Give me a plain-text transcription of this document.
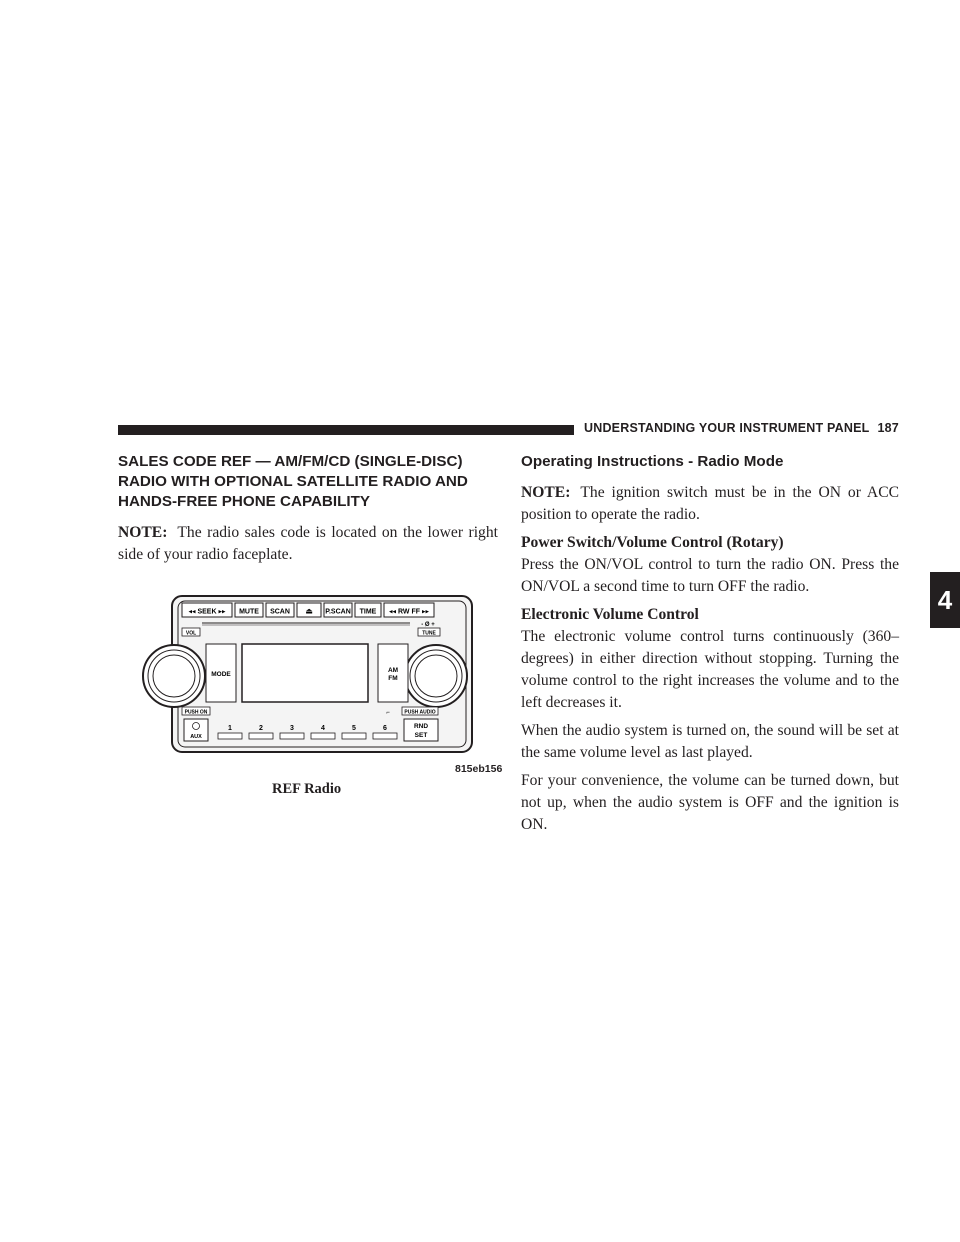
UNDERSTANDING YOUR INSTRUMENT PANEL 187
4
SALES CODE REF — AM/FM/CD (SINGLE-DISC) RADIO WITH OPTIONAL SATELLITE RADIO AND HANDS-FREE PHONE CAPABILITY

NOTE: The radio sales code is located on the lower right side of your radio faceplate.

◂◂ SEEK ▸▸ MUTE SCAN ⏏ P.SCAN TIME ◂◂ RW FF ▸▸
VOL
- Ø +
TUNE
MODE
AM
FM
PUSH ON	⌐	PUSH AUDIO
AUX
1	2	3	4	5	6	RND
SET
815eb156
REF Radio
Operating Instructions - Radio Mode

NOTE: The ignition switch must be in the ON or ACC position to operate the radio.

Power Switch/Volume Control (Rotary)

Press the ON/VOL control to turn the radio ON. Press the ON/VOL a second time to turn OFF the radio.

Electronic Volume Control

The electronic volume control turns continuously (360–degrees) in either direction without stopping. Turning the volume control to the right increases the volume and to the left decreases it.

When the audio system is turned on, the sound will be set at the same volume level as last played.

For your convenience, the volume can be turned down, but not up, when the audio system is OFF and the ignition is ON.
